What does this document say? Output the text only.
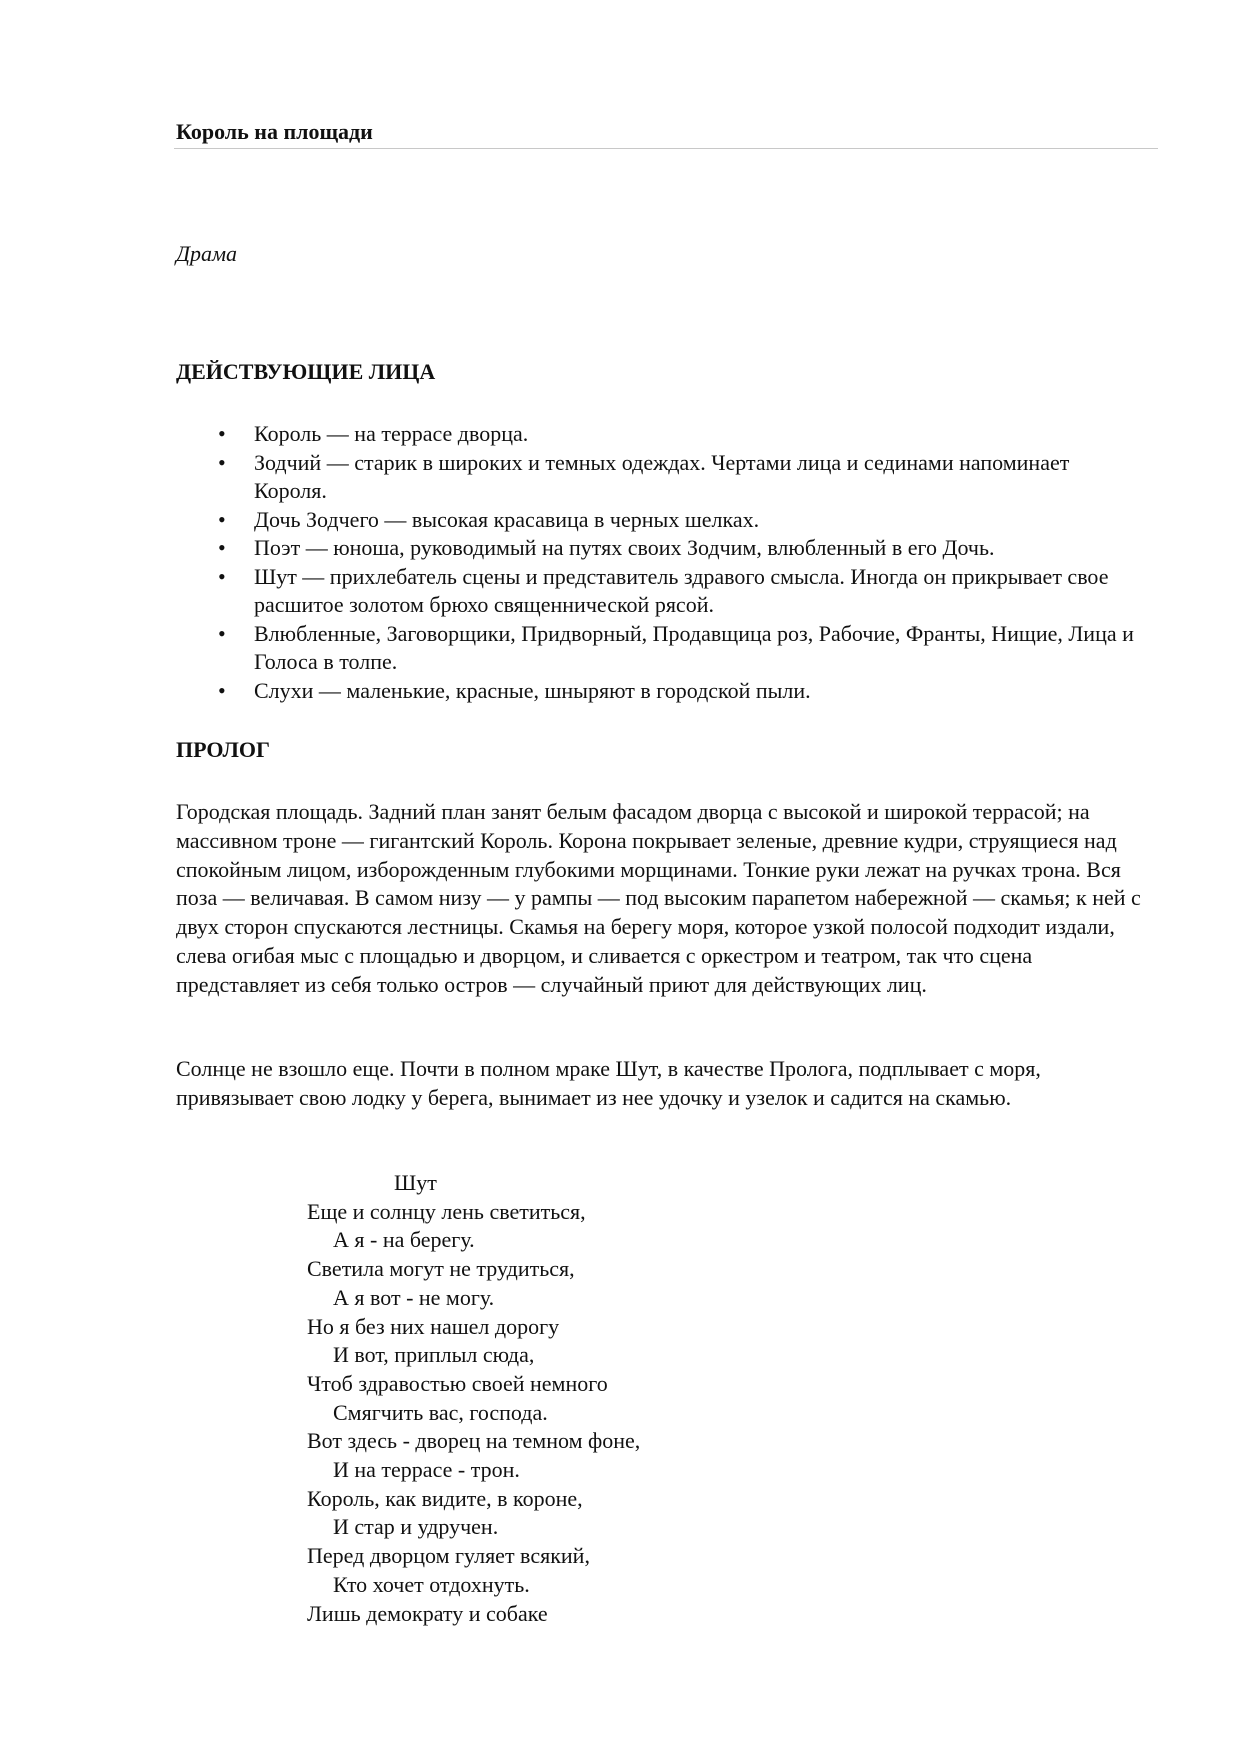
Король на площади
Драма
ДЕЙСТВУЮЩИЕ ЛИЦА
• Король — на террасе дворца.
• Зодчий — старик в широких и темных одеждах. Чертами лица и сединами напоминает Короля.
• Дочь Зодчего — высокая красавица в черных шелках.
• Поэт — юноша, руководимый на путях своих Зодчим, влюбленный в его Дочь.
• Шут — прихлебатель сцены и представитель здравого смысла. Иногда он прикрывает свое расшитое золотом брюхо священнической рясой.
• Влюбленные, Заговорщики, Придворный, Продавщица роз, Рабочие, Франты, Нищие, Лица и Голоса в толпе.
• Слухи — маленькие, красные, шныряют в городской пыли.
ПРОЛОГ

Городская площадь. Задний план занят белым фасадом дворца с высокой и широкой террасой; на массивном троне — гигантский Король. Корона покрывает зеленые, древние кудри, струящиеся над спокойным лицом, изборожденным глубокими морщинами. Тонкие руки лежат на ручках трона. Вся поза — величавая. В самом низу — у рампы — под высоким парапетом набережной — скамья; к ней с двух сторон спускаются лестницы. Скамья на берегу моря, которое узкой полосой подходит издали, слева огибая мыс с площадью и дворцом, и сливается с оркестром и театром, так что сцена представляет из себя только остров — случайный приют для действующих лиц.

Солнце не взошло еще. Почти в полном мраке Шут, в качестве Пролога, подплывает с моря, привязывает свою лодку у берега, вынимает из нее удочку и узелок и садится на скамью.

Шут
Еще и солнцу лень светиться,
А я - на берегу.
Светила могут не трудиться,
А я вот - не могу.
Но я без них нашел дорогу
И вот, приплыл сюда,
Чтоб здравостью своей немного
Смягчить вас, господа.
Вот здесь - дворец на темном фоне,
И на террасе - трон.
Король, как видите, в короне,
И стар и удручен.
Перед дворцом гуляет всякий,
Кто хочет отдохнуть.
Лишь демократу и собаке
